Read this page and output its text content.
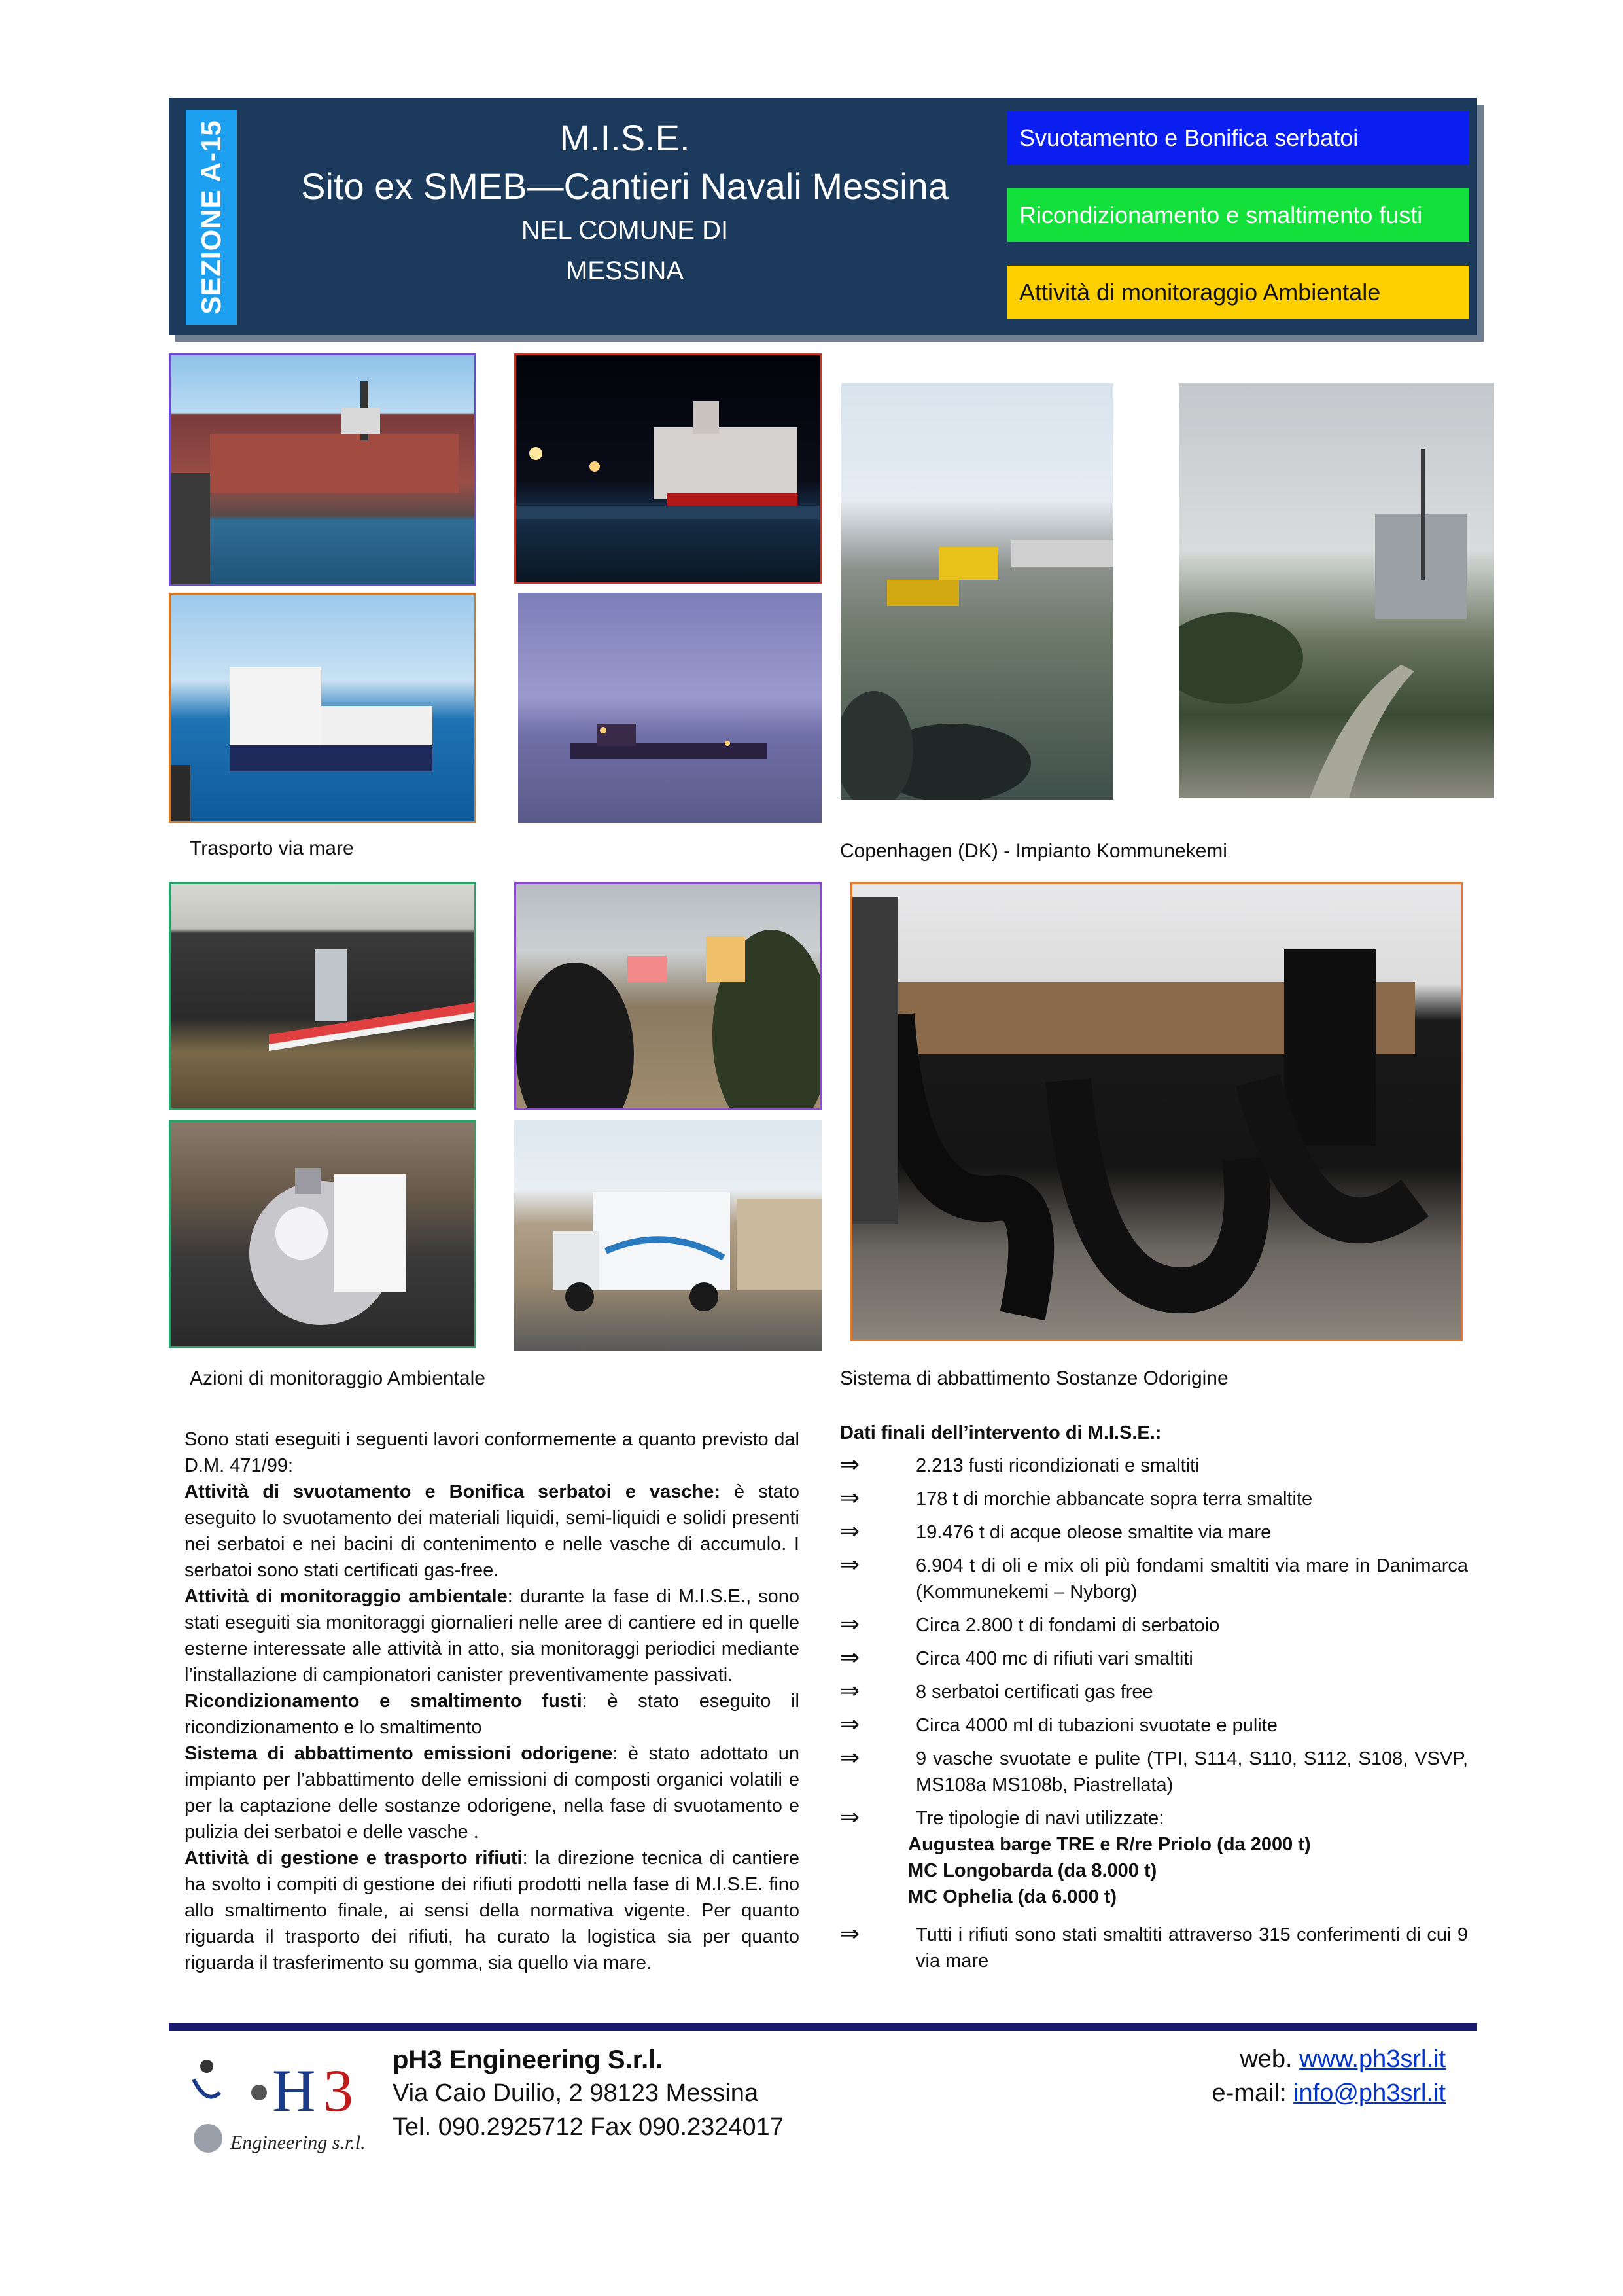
SEZIONE A-15	M.I.S.E.
Sito ex SMEB—Cantieri Navali Messina
NEL COMUNE DI
MESSINA
Svuotamento e Bonifica serbatoi
Ricondizionamento e smaltimento fusti
Attività di monitoraggio Ambientale
Trasporto via mare	Copenhagen (DK) - Impianto Kommunekemi
Azioni di monitoraggio Ambientale	Sistema di abbattimento Sostanze Odorigine

Sono stati eseguiti i seguenti lavori conformemente a quanto previsto dal D.M. 471/99:

Attività di svuotamento e Bonifica serbatoi e vasche: è stato eseguito lo svuotamento dei materiali liquidi, semi-liquidi e solidi presenti nei serbatoi e nei bacini di contenimento e nelle vasche di accumulo. I serbatoi sono stati certificati gas-free.

Attività di monitoraggio ambientale: durante la fase di M.I.S.E., sono stati eseguiti sia monitoraggi giornalieri nelle aree di cantiere ed in quelle esterne interessate alle attività in atto, sia monitoraggi periodici mediante l’installazione di campionatori canister preventivamente passivati.

Ricondizionamento e smaltimento fusti: è stato eseguito il ricondizionamento e lo smaltimento

Sistema di abbattimento emissioni odorigene: è stato adottato un impianto per l’abbattimento delle emissioni di composti organici volatili e per la captazione delle sostanze odorigene, nella fase di svuotamento e pulizia dei serbatoi e delle vasche .

Attività di gestione e trasporto rifiuti: la direzione tecnica di cantiere ha svolto i compiti di gestione dei rifiuti prodotti nella fase di M.I.S.E. fino allo smaltimento finale, ai sensi della normativa vigente. Per quanto riguarda il trasporto dei rifiuti, ha curato la logistica sia per quanto riguarda il trasferimento su gomma, sia quello via mare.

Dati finali dell’intervento di M.I.S.E.:
⇒	2.213 fusti ricondizionati e smaltiti
⇒	178 t di morchie abbancate sopra terra smaltite
⇒	19.476 t di acque oleose smaltite via mare
⇒	6.904 t di oli e mix oli più fondami smaltiti via mare in Danimarca (Kommunekemi – Nyborg)
⇒	Circa 2.800 t di fondami di serbatoio
⇒	Circa 400 mc di rifiuti vari smaltiti
⇒	8 serbatoi certificati gas free
⇒	Circa 4000 ml di tubazioni svuotate e pulite
⇒	9 vasche svuotate e pulite (TPI, S114, S110, S112, S108, VSVP, MS108a MS108b, Piastrellata)
⇒	Tre tipologie di navi utilizzate:
Augustea barge TRE e R/re Priolo (da 2000 t)
MC Longobarda (da 8.000 t)
MC Ophelia (da 6.000 t)
⇒	Tutti i rifiuti sono stati smaltiti attraverso 315 conferimenti di cui 9 via mare
H 3
Engineering s.r.l.
pH3 Engineering S.r.l.
Via Caio Duilio, 2 98123 Messina
Tel. 090.2925712 Fax 090.2324017
web. www.ph3srl.it
e-mail: info@ph3srl.it
